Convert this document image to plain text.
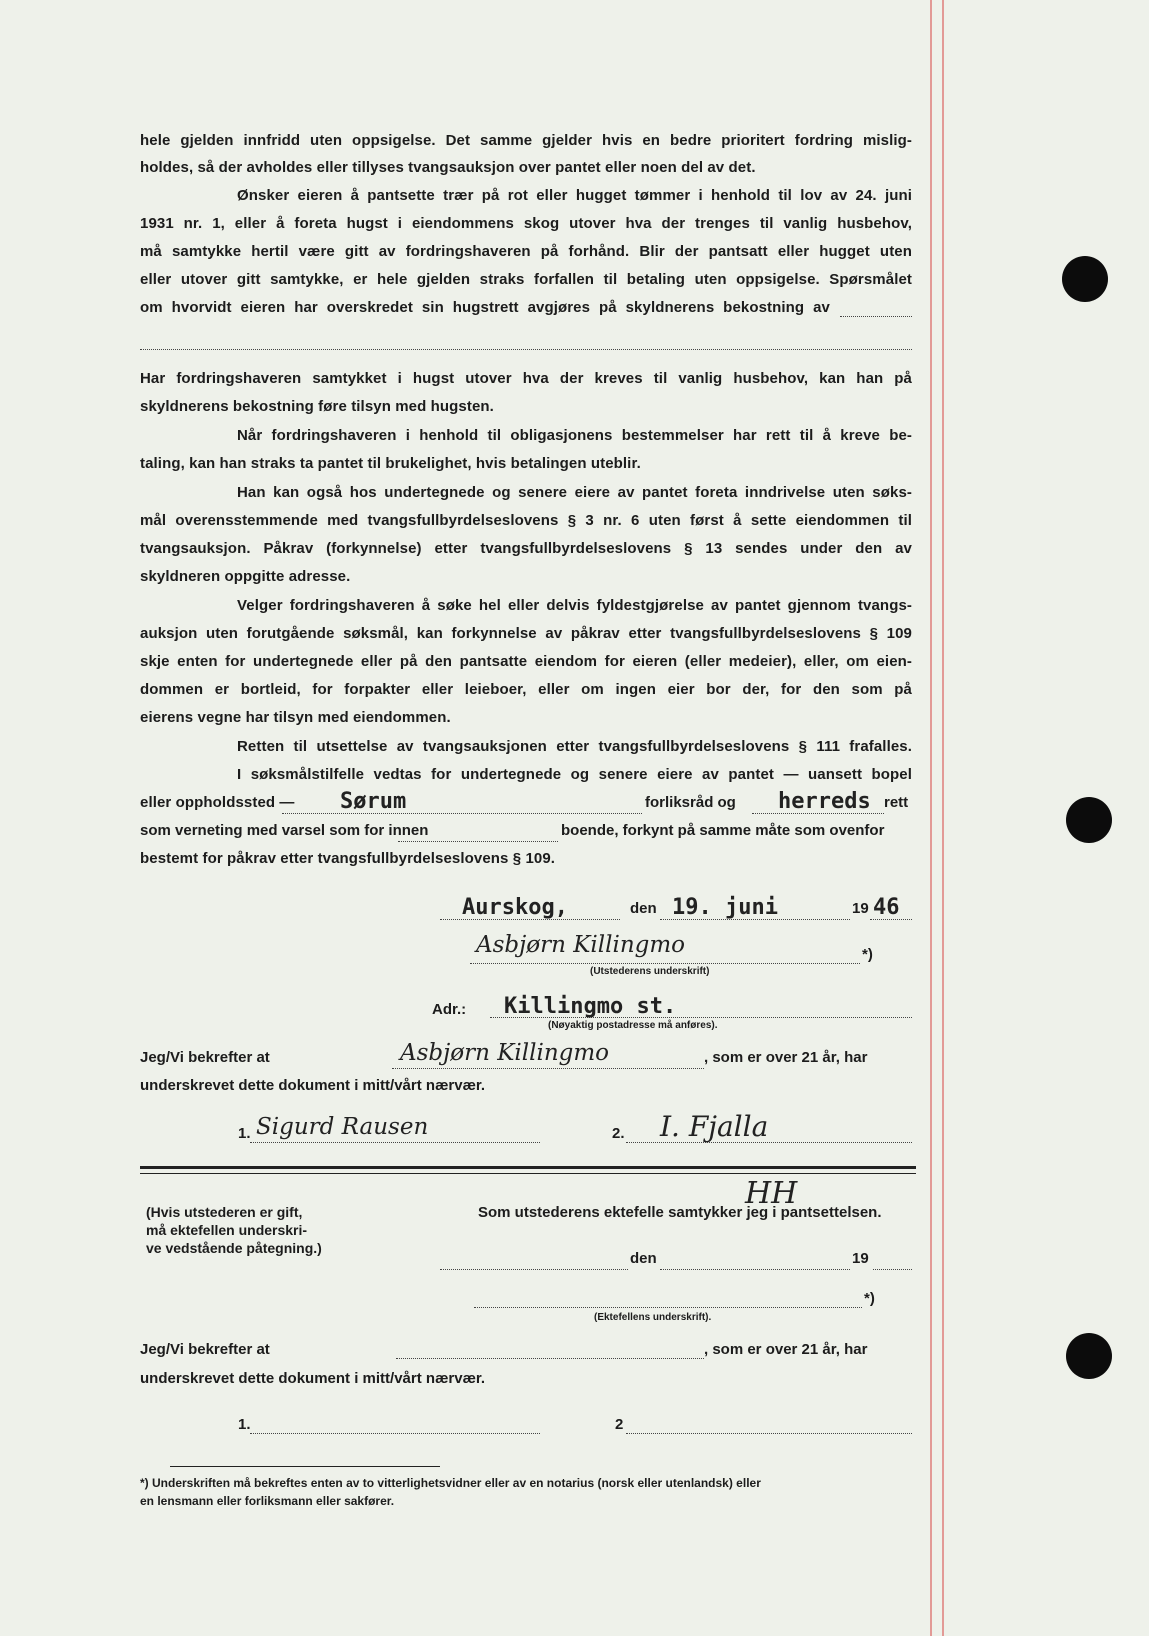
hele gjelden innfridd uten oppsigelse. Det samme gjelder hvis en bedre prioritert fordring mislig-
holdes, så der avholdes eller tillyses tvangsauksjon over pantet eller noen del av det.
Ønsker eieren å pantsette trær på rot eller hugget tømmer i henhold til lov av 24. juni
1931 nr. 1, eller å foreta hugst i eiendommens skog utover hva der trenges til vanlig husbehov,
må samtykke hertil være gitt av fordringshaveren på forhånd. Blir der pantsatt eller hugget uten
eller utover gitt samtykke, er hele gjelden straks forfallen til betaling uten oppsigelse. Spørsmålet
om hvorvidt eieren har overskredet sin hugstrett avgjøres på skyldnerens bekostning av
Har fordringshaveren samtykket i hugst utover hva der kreves til vanlig husbehov, kan han på
skyldnerens bekostning føre tilsyn med hugsten.
Når fordringshaveren i henhold til obligasjonens bestemmelser har rett til å kreve be-
taling, kan han straks ta pantet til brukelighet, hvis betalingen uteblir.
Han kan også hos undertegnede og senere eiere av pantet foreta inndrivelse uten søks-
mål overensstemmende med tvangsfullbyrdelseslovens § 3 nr. 6 uten først å sette eiendommen til
tvangsauksjon. Påkrav (forkynnelse) etter tvangsfullbyrdelseslovens § 13 sendes under den av
skyldneren oppgitte adresse.
Velger fordringshaveren å søke hel eller delvis fyldestgjørelse av pantet gjennom tvangs-
auksjon uten forutgående søksmål, kan forkynnelse av påkrav etter tvangsfullbyrdelseslovens § 109
skje enten for undertegnede eller på den pantsatte eiendom for eieren (eller medeier), eller, om eien-
dommen er bortleid, for forpakter eller leieboer, eller om ingen eier bor der, for den som på
eierens vegne har tilsyn med eiendommen.
Retten til utsettelse av tvangsauksjonen etter tvangsfullbyrdelseslovens § 111 frafalles.
I søksmålstilfelle vedtas for undertegnede og senere eiere av pantet — uansett bopel
eller oppholdssted — Sørum	forliksråd og herreds rett
som verneting med varsel som for innen	boende, forkynt på samme måte som ovenfor
bestemt for påkrav etter tvangsfullbyrdelseslovens § 109.
Aurskog,	den 19. juni	19 46
Asbjørn Killingmo	*)
(Utstederens underskrift)
Adr.: Killingmo st.
(Nøyaktig postadresse må anføres).
Jeg/Vi bekrefter at	Asbjørn Killingmo	, som er over 21 år, har
underskrevet dette dokument i mitt/vårt nærvær.
1. Sigurd Rausen	2. I. Fjalla
(Hvis utstederen er gift,
må ektefellen underskri-
ve vedstående påtegning.)
Som utstederens ektefelle samtykker jeg i pantsettelsen.
HH
den	19
*)
(Ektefellens underskrift).
Jeg/Vi bekrefter at	, som er over 21 år, har
underskrevet dette dokument i mitt/vårt nærvær.
1.	2
*) Underskriften må bekreftes enten av to vitterlighetsvidner eller av en notarius (norsk eller utenlandsk) eller
en lensmann eller forliksmann eller sakfører.
